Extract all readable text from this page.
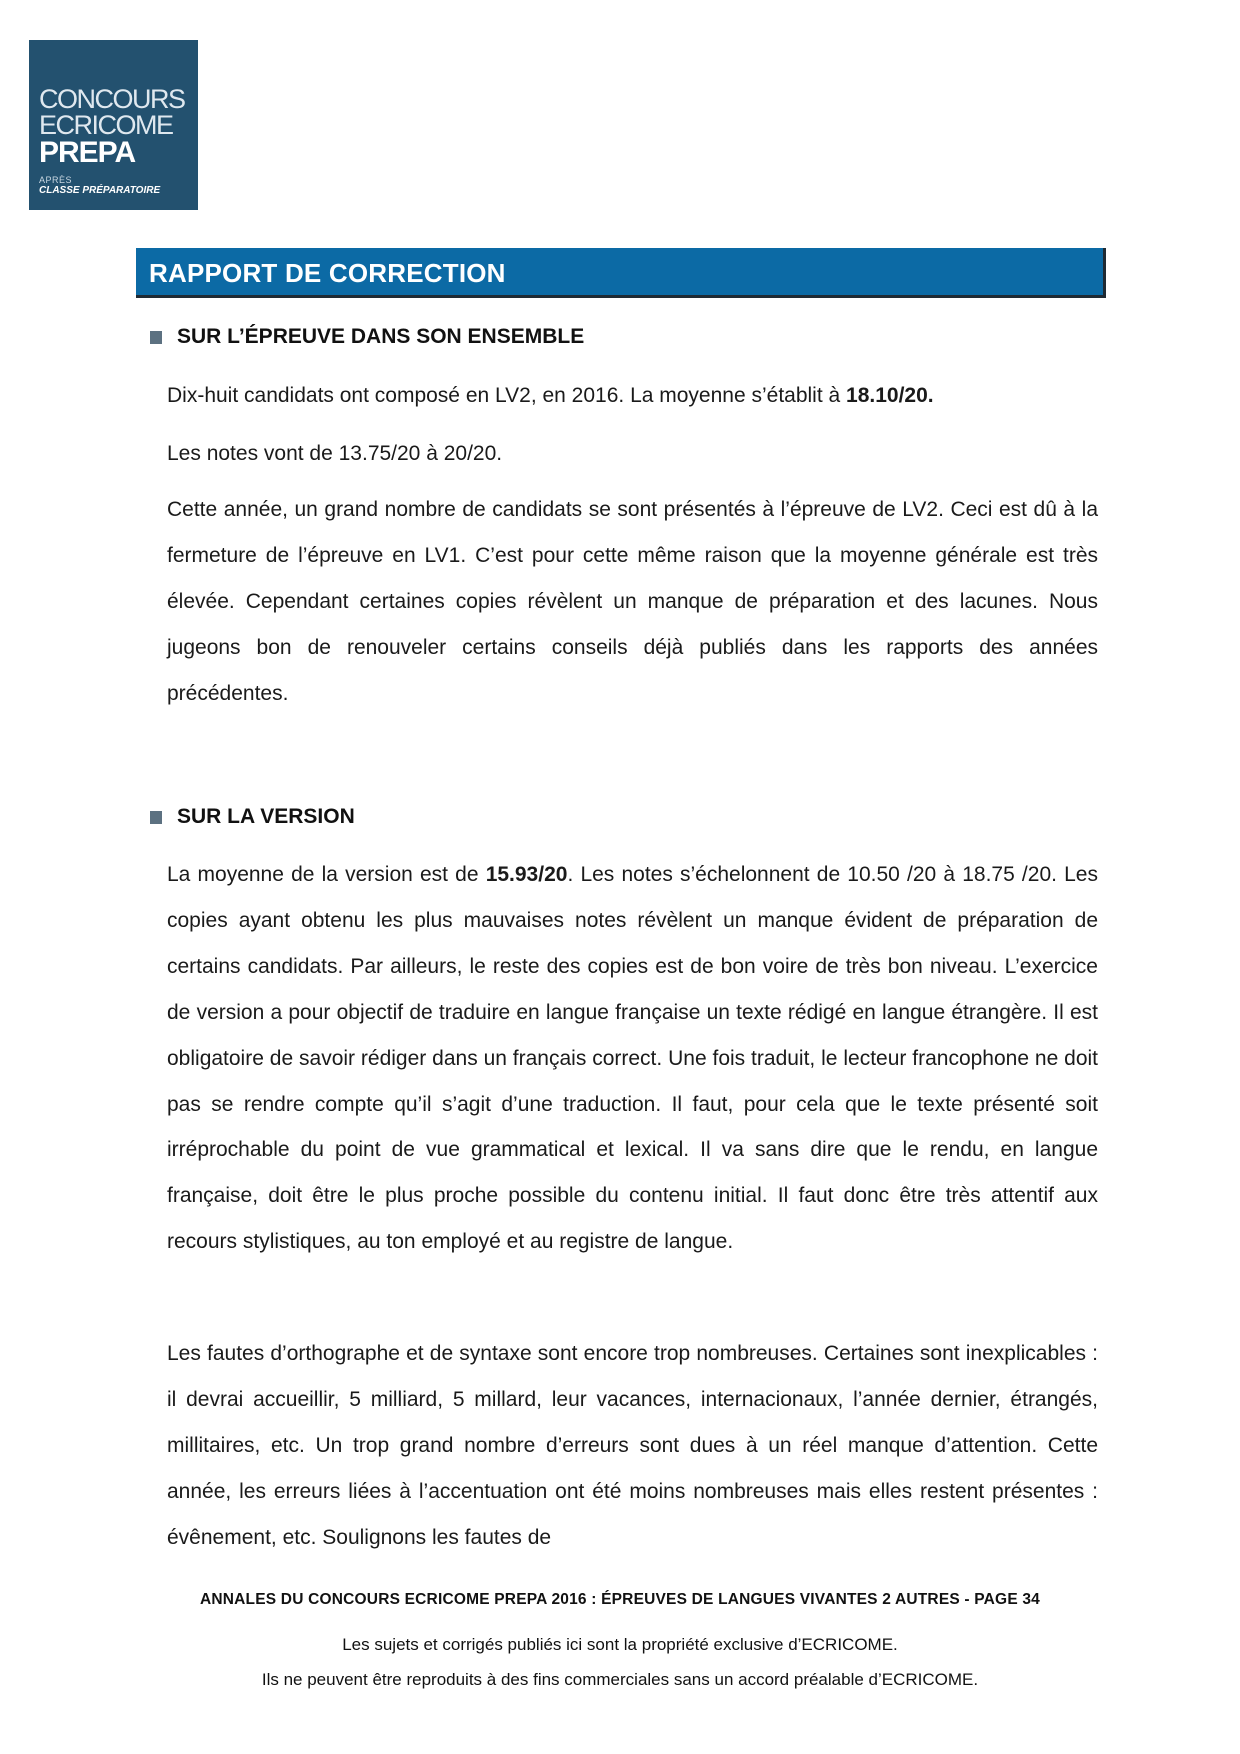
CONCOURS
ECRICOME
PREPA
APRÈS
CLASSE PRÉPARATOIRE
RAPPORT DE CORRECTION
SUR L’ÉPREUVE DANS SON ENSEMBLE

Dix-huit candidats ont composé en LV2, en 2016. La moyenne s’établit à 18.10/20.

Les notes vont de 13.75/20 à 20/20.

Cette année, un grand nombre de candidats se sont présentés à l’épreuve de LV2. Ceci est dû à la fermeture de l’épreuve en LV1. C’est pour cette même raison que la moyenne générale est très élevée. Cependant certaines copies révèlent un manque de préparation et des lacunes. Nous jugeons bon de renouveler certains conseils déjà publiés dans les rapports des années précédentes.

SUR LA VERSION

La moyenne de la version est de 15.93/20. Les notes s’échelonnent de 10.50 /20 à 18.75 /20. Les copies ayant obtenu les plus mauvaises notes révèlent un manque évident de préparation de certains candidats. Par ailleurs, le reste des copies est de bon voire de très bon niveau. L’exercice de version a pour objectif de traduire en langue française un texte rédigé en langue étrangère. Il est obligatoire de savoir rédiger dans un français correct. Une fois traduit, le lecteur francophone ne doit pas se rendre compte qu’il s’agit d’une traduction. Il faut, pour cela que le texte présenté soit irréprochable du point de vue grammatical et lexical. Il va sans dire que le rendu, en langue française, doit être le plus proche possible du contenu initial. Il faut donc être très attentif aux recours stylistiques, au ton employé et au registre de langue.

Les fautes d’orthographe et de syntaxe sont encore trop nombreuses. Certaines sont inexplicables : il devrai accueillir, 5 milliard, 5 millard, leur vacances, internacionaux, l’année dernier, étrangés, millitaires, etc. Un trop grand nombre d’erreurs sont dues à un réel manque d’attention. Cette année, les erreurs liées à l’accentuation ont été moins nombreuses mais elles restent présentes : évênement, etc. Soulignons les fautes de

ANNALES DU CONCOURS ECRICOME PREPA 2016 : ÉPREUVES DE LANGUES VIVANTES 2 AUTRES - PAGE 34
Les sujets et corrigés publiés ici sont la propriété exclusive d’ECRICOME.
Ils ne peuvent être reproduits à des fins commerciales sans un accord préalable d’ECRICOME.
